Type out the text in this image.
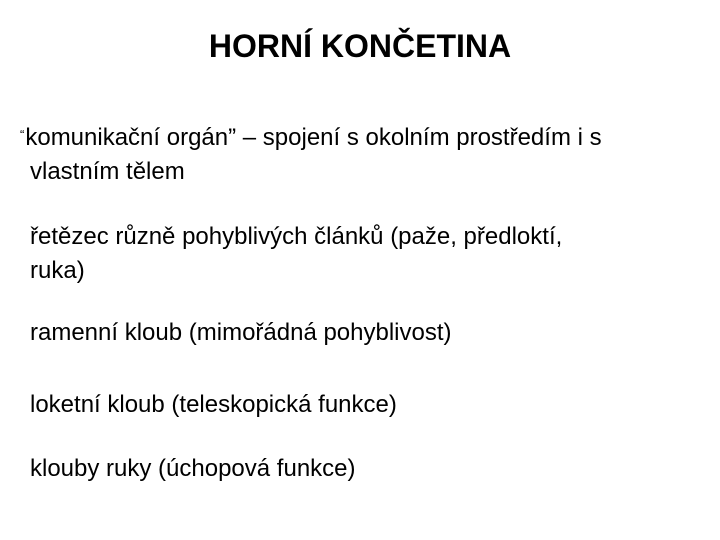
HORNÍ KONČETINA

“komunikační orgán” – spojení s okolním prostředím i s
vlastním tělem

řetězec různě pohyblivých článků (paže, předloktí,
ruka)

ramenní kloub (mimořádná pohyblivost)

loketní kloub (teleskopická funkce)

klouby ruky (úchopová funkce)
